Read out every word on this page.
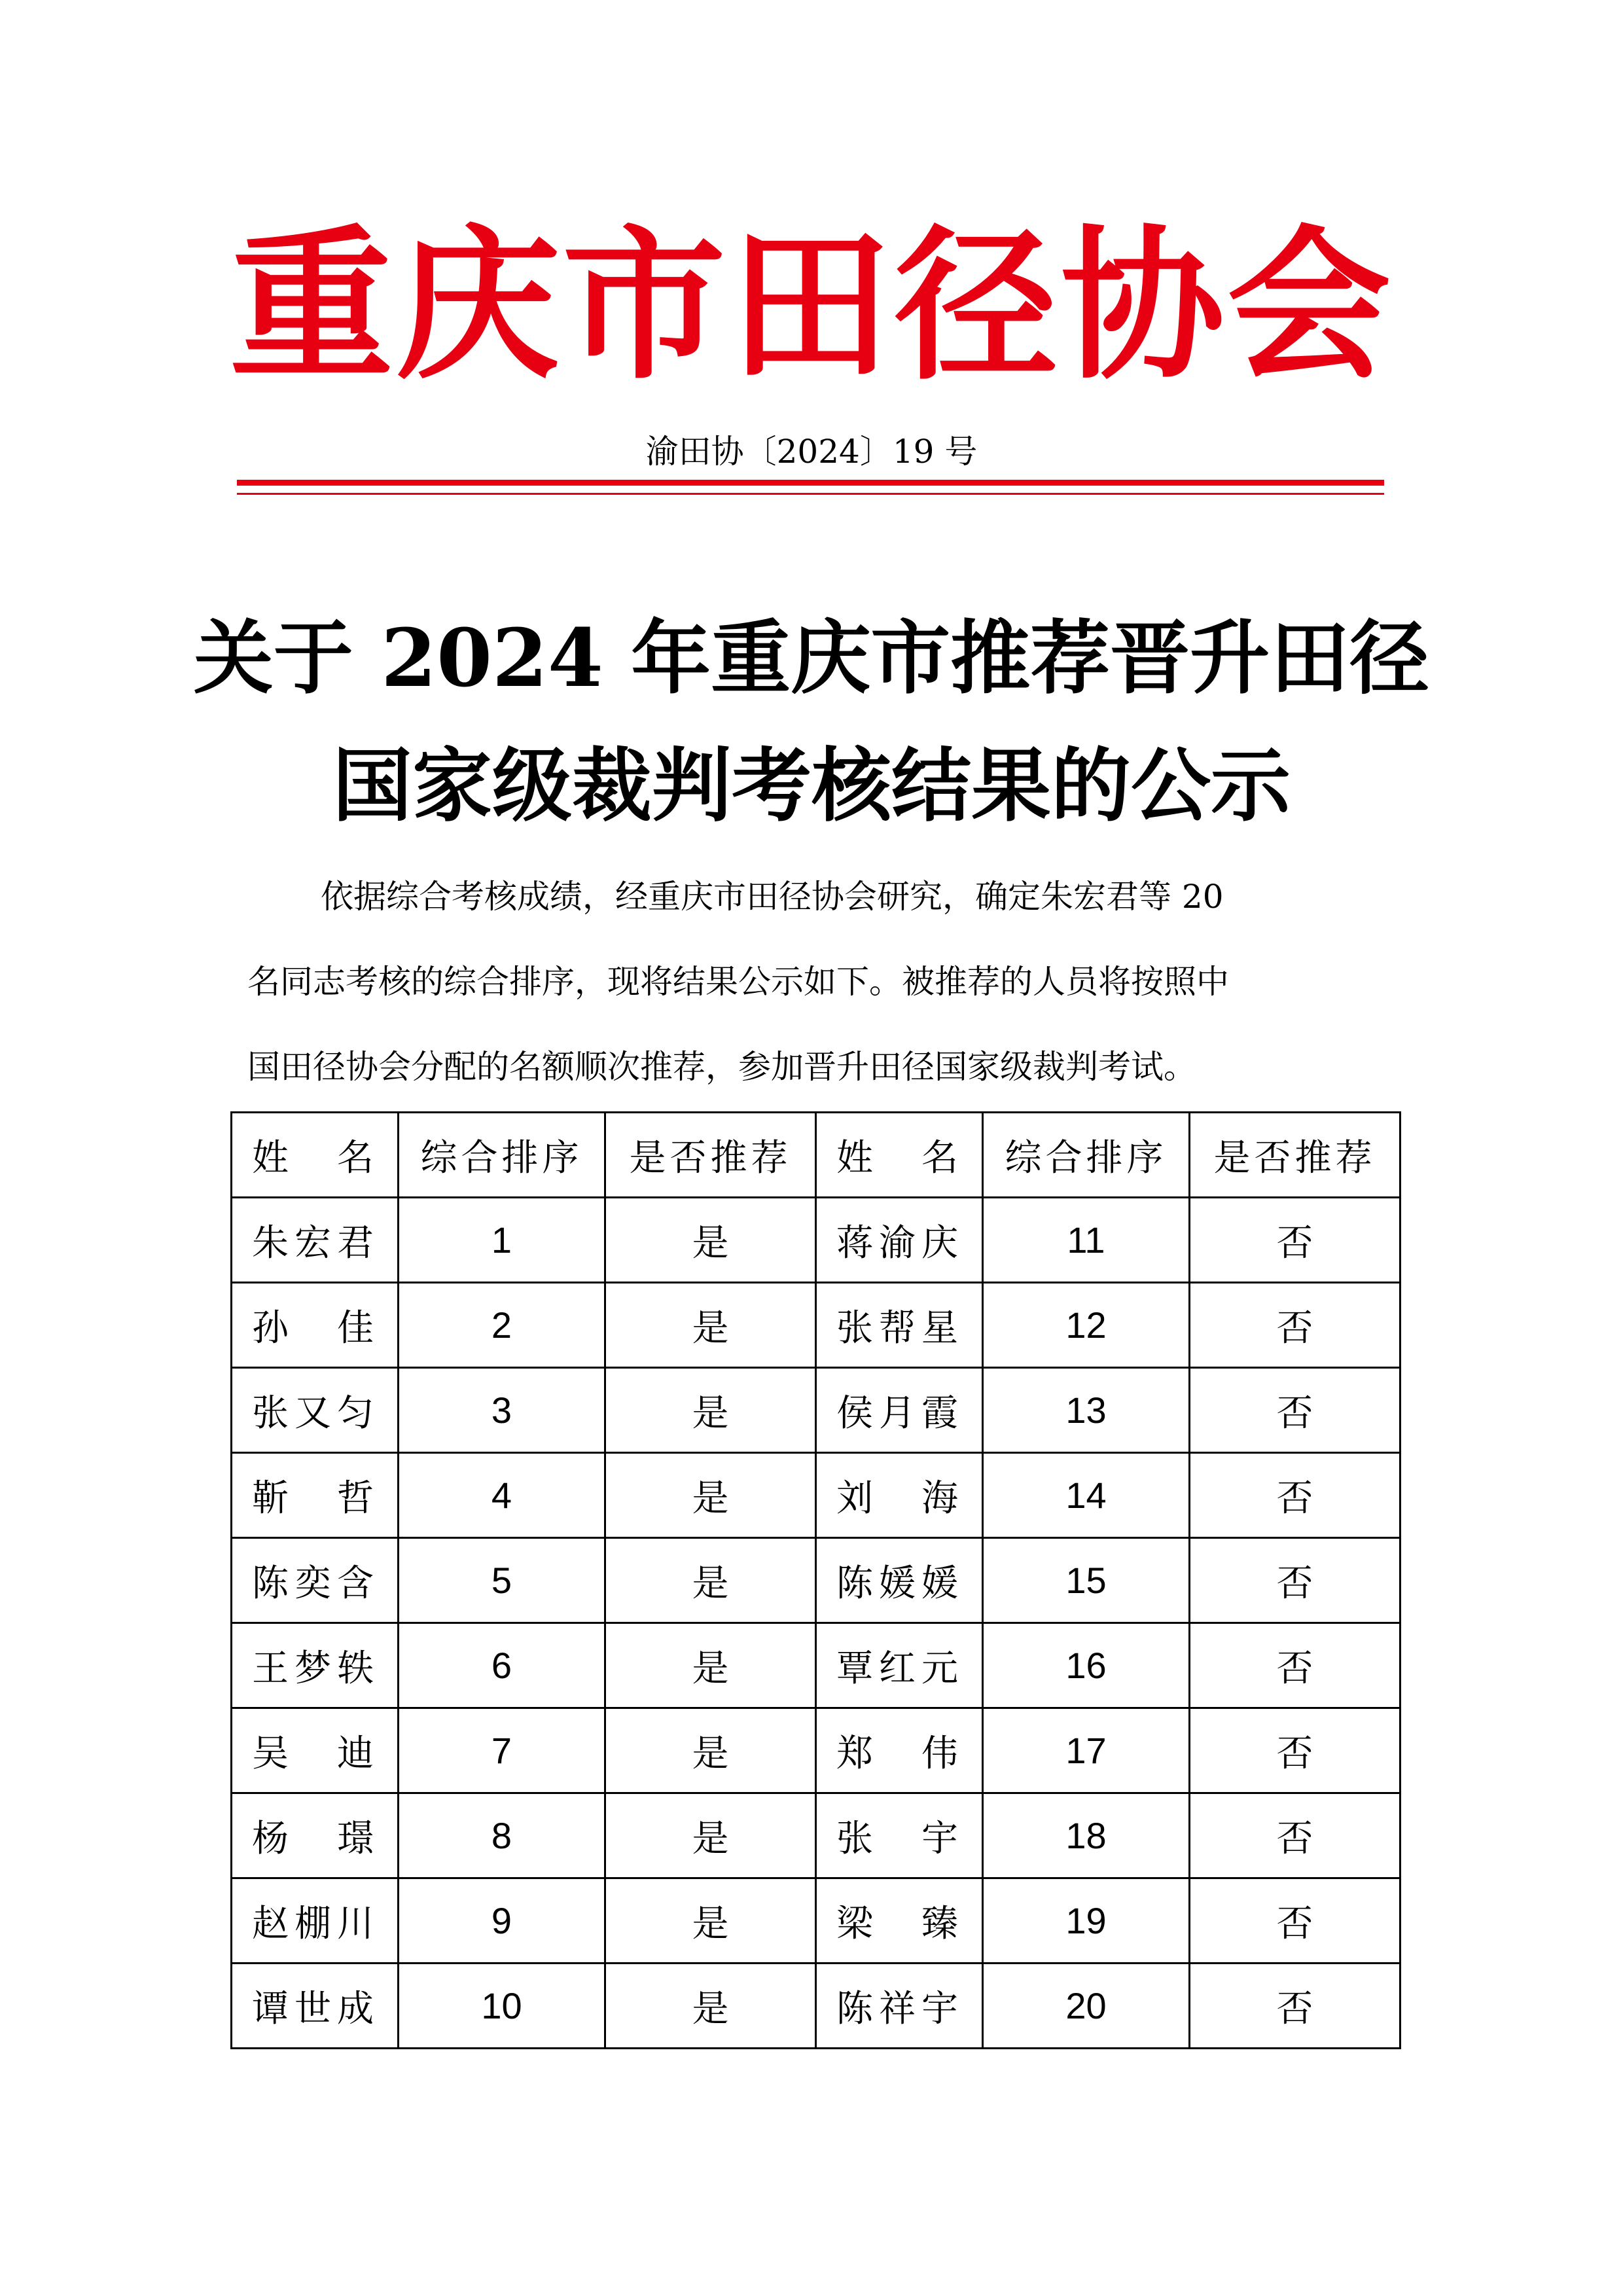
重庆市田径协会
渝田协〔2024〕19 号
关于 2024 年重庆市推荐晋升田径
国家级裁判考核结果的公示
依据综合考核成绩，经重庆市田径协会研究，确定朱宏君等 20
名同志考核的综合排序，现将结果公示如下。被推荐的人员将按照中
国田径协会分配的名额顺次推荐，参加晋升田径国家级裁判考试。
姓名	综合排序	是否推荐	姓名	综合排序	是否推荐
朱宏君	1	是	蒋渝庆	11	否
孙佳	2	是	张帮星	12	否
张又匀	3	是	侯月霞	13	否
靳哲	4	是	刘海	14	否
陈奕含	5	是	陈媛媛	15	否
王梦轶	6	是	覃红元	16	否
吴迪	7	是	郑伟	17	否
杨璟	8	是	张宇	18	否
赵棚川	9	是	梁臻	19	否
谭世成	10	是	陈祥宇	20	否
